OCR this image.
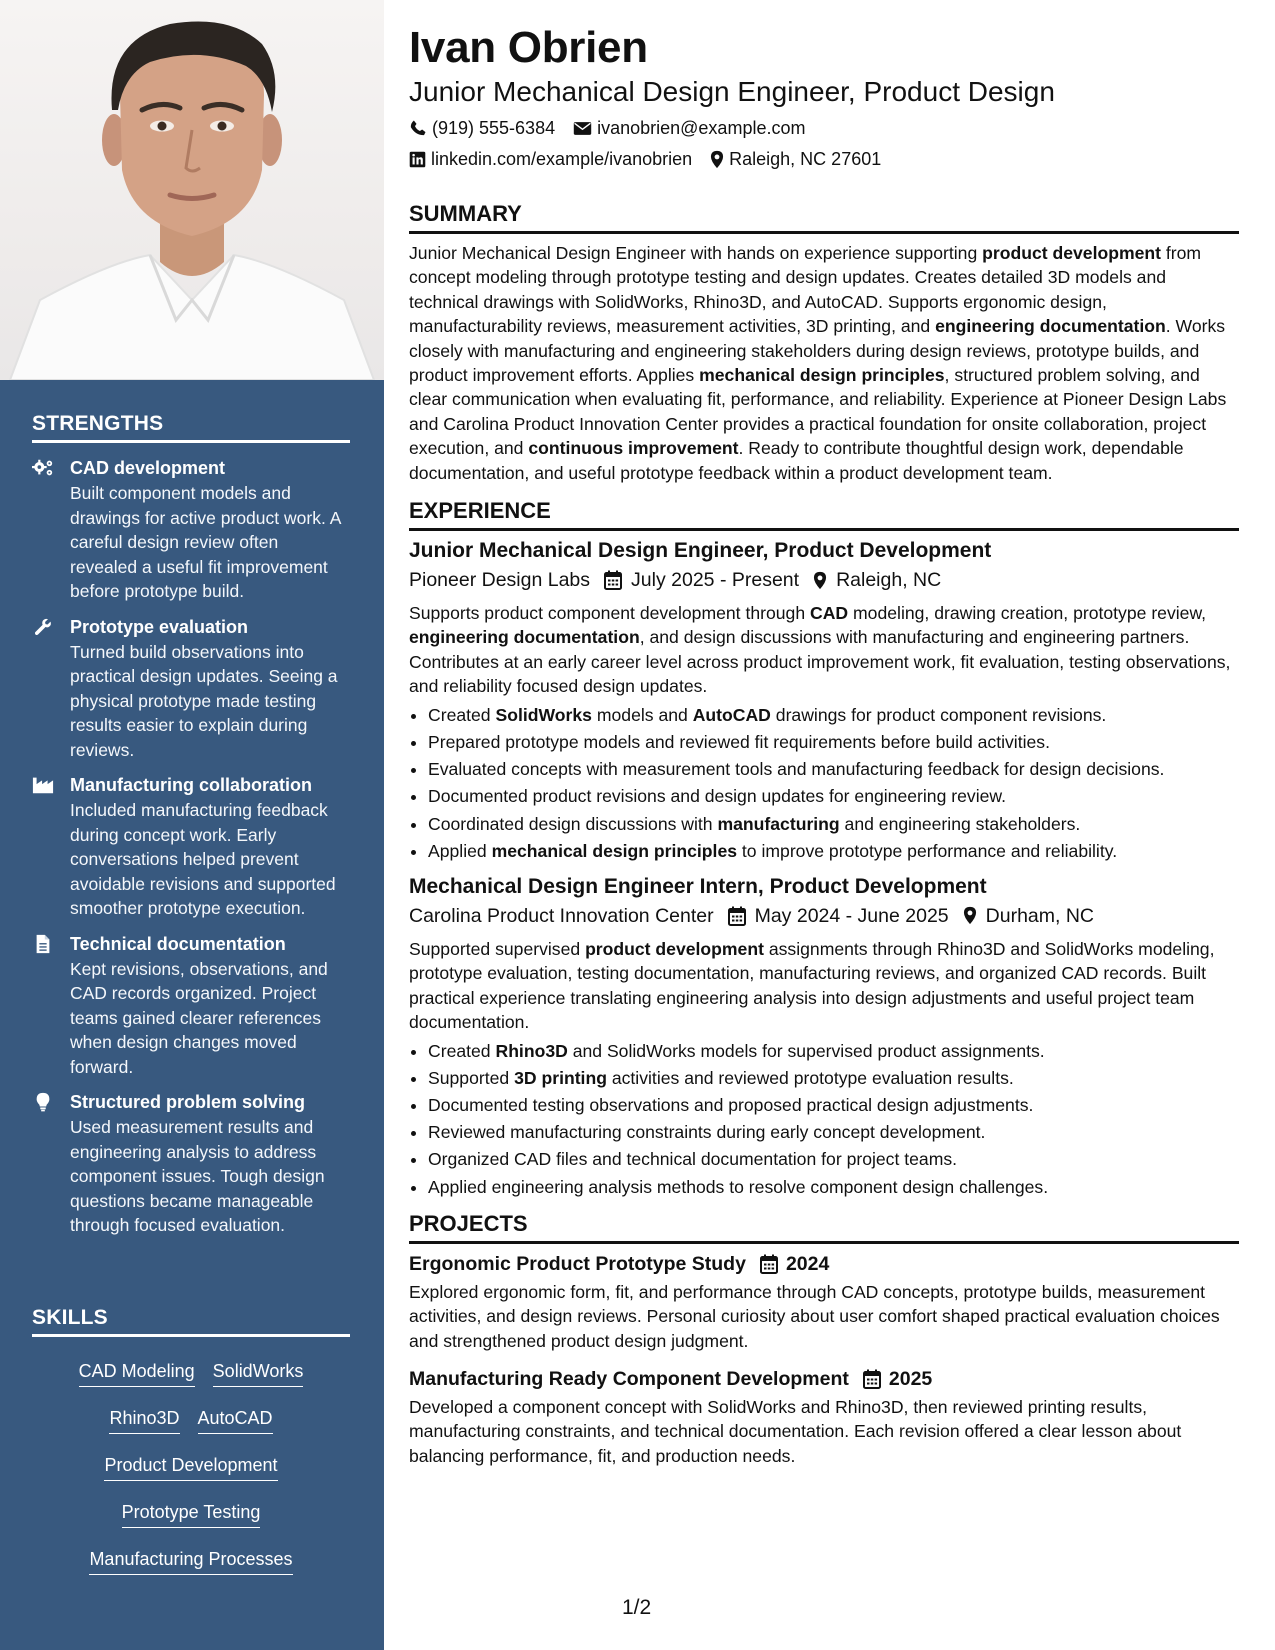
STRENGTHS
CAD development
Built component models and drawings for active product work. A careful design review often revealed a useful fit improvement before prototype build.
Prototype evaluation
Turned build observations into practical design updates. Seeing a physical prototype made testing results easier to explain during reviews.
Manufacturing collaboration
Included manufacturing feedback during concept work. Early conversations helped prevent avoidable revisions and supported smoother prototype execution.
Technical documentation
Kept revisions, observations, and CAD records organized. Project teams gained clearer references when design changes moved forward.
Structured problem solving
Used measurement results and engineering analysis to address component issues. Tough design questions became manageable through focused evaluation.
SKILLS
CAD Modeling SolidWorks
Rhino3D AutoCAD
Product Development
Prototype Testing
Manufacturing Processes
Ivan Obrien
Junior Mechanical Design Engineer, Product Design
(919) 555-6384 ivanobrien@example.com
linkedin.com/example/ivanobrien Raleigh, NC 27601
SUMMARY

Junior Mechanical Design Engineer with hands on experience supporting product development from concept modeling through prototype testing and design updates. Creates detailed 3D models and technical drawings with SolidWorks, Rhino3D, and AutoCAD. Supports ergonomic design, manufacturability reviews, measurement activities, 3D printing, and engineering documentation. Works closely with manufacturing and engineering stakeholders during design reviews, prototype builds, and product improvement efforts. Applies mechanical design principles, structured problem solving, and clear communication when evaluating fit, performance, and reliability. Experience at Pioneer Design Labs and Carolina Product Innovation Center provides a practical foundation for onsite collaboration, project execution, and continuous improvement. Ready to contribute thoughtful design work, dependable documentation, and useful prototype feedback within a product development team.

EXPERIENCE
Junior Mechanical Design Engineer, Product Development
Pioneer Design Labs July 2025 - Present Raleigh, NC

Supports product component development through CAD modeling, drawing creation, prototype review, engineering documentation, and design discussions with manufacturing and engineering partners. Contributes at an early career level across product improvement work, fit evaluation, testing observations, and reliability focused design updates.

• Created SolidWorks models and AutoCAD drawings for product component revisions.
• Prepared prototype models and reviewed fit requirements before build activities.
• Evaluated concepts with measurement tools and manufacturing feedback for design decisions.
• Documented product revisions and design updates for engineering review.
• Coordinated design discussions with manufacturing and engineering stakeholders.
• Applied mechanical design principles to improve prototype performance and reliability.
Mechanical Design Engineer Intern, Product Development
Carolina Product Innovation Center May 2024 - June 2025 Durham, NC

Supported supervised product development assignments through Rhino3D and SolidWorks modeling, prototype evaluation, testing documentation, manufacturing reviews, and organized CAD records. Built practical experience translating engineering analysis into design adjustments and useful project team documentation.

• Created Rhino3D and SolidWorks models for supervised product assignments.
• Supported 3D printing activities and reviewed prototype evaluation results.
• Documented testing observations and proposed practical design adjustments.
• Reviewed manufacturing constraints during early concept development.
• Organized CAD files and technical documentation for project teams.
• Applied engineering analysis methods to resolve component design challenges.
PROJECTS
Ergonomic Product Prototype Study 2024

Explored ergonomic form, fit, and performance through CAD concepts, prototype builds, measurement activities, and design reviews. Personal curiosity about user comfort shaped practical evaluation choices and strengthened product design judgment.

Manufacturing Ready Component Development 2025

Developed a component concept with SolidWorks and Rhino3D, then reviewed printing results, manufacturing constraints, and technical documentation. Each revision offered a clear lesson about balancing performance, fit, and production needs.

1/2
